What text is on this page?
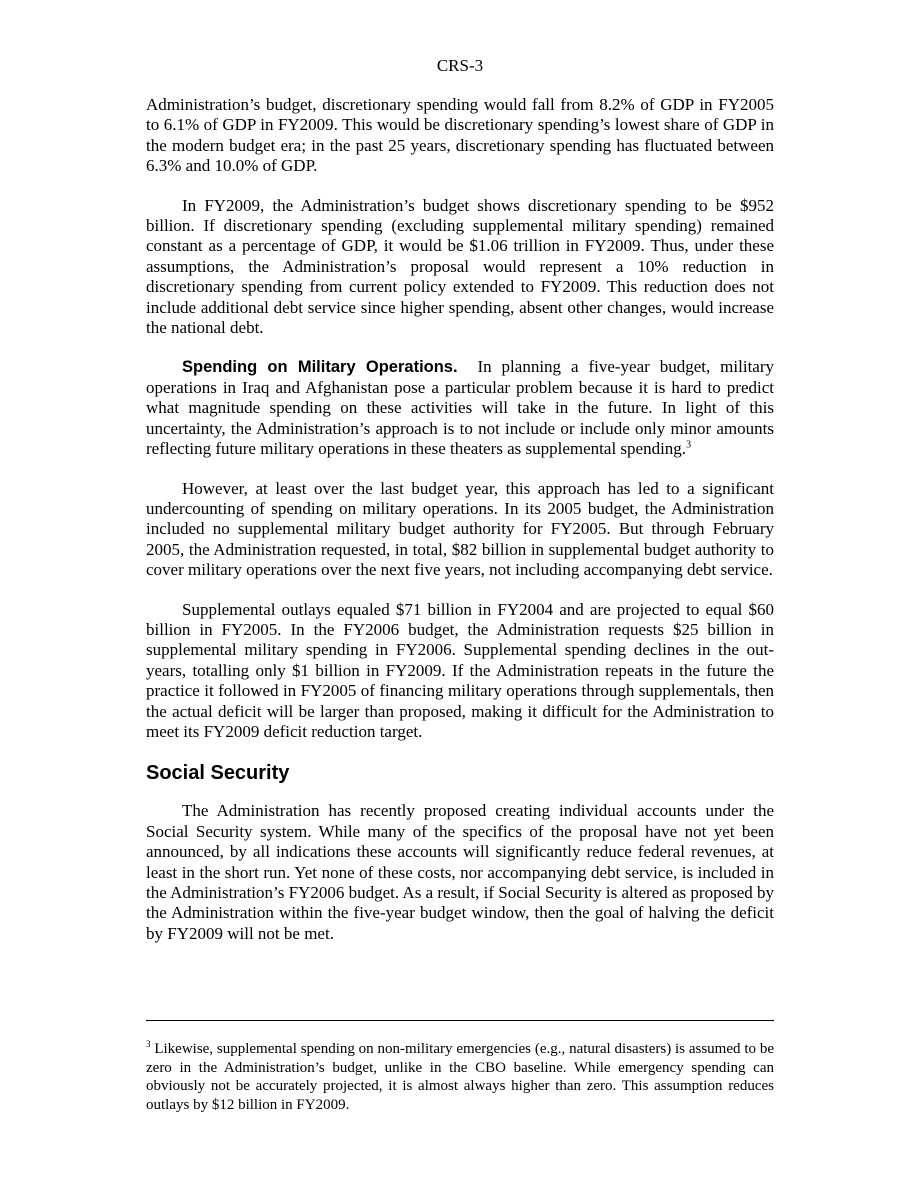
CRS-3

Administration’s budget, discretionary spending would fall from 8.2% of GDP in FY2005 to 6.1% of GDP in FY2009. This would be discretionary spending’s lowest share of GDP in the modern budget era; in the past 25 years, discretionary spending has fluctuated between 6.3% and 10.0% of GDP.

In FY2009, the Administration’s budget shows discretionary spending to be $952 billion. If discretionary spending (excluding supplemental military spending) remained constant as a percentage of GDP, it would be $1.06 trillion in FY2009. Thus, under these assumptions, the Administration’s proposal would represent a 10% reduction in discretionary spending from current policy extended to FY2009. This reduction does not include additional debt service since higher spending, absent other changes, would increase the national debt.

Spending on Military Operations. In planning a five-year budget, military operations in Iraq and Afghanistan pose a particular problem because it is hard to predict what magnitude spending on these activities will take in the future. In light of this uncertainty, the Administration’s approach is to not include or include only minor amounts reflecting future military operations in these theaters as supplemental spending.$^3$

However, at least over the last budget year, this approach has led to a significant undercounting of spending on military operations. In its 2005 budget, the Administration included no supplemental military budget authority for FY2005. But through February 2005, the Administration requested, in total, $82 billion in supplemental budget authority to cover military operations over the next five years, not including accompanying debt service.

Supplemental outlays equaled $71 billion in FY2004 and are projected to equal $60 billion in FY2005. In the FY2006 budget, the Administration requests $25 billion in supplemental military spending in FY2006. Supplemental spending declines in the out-years, totalling only $1 billion in FY2009. If the Administration repeats in the future the practice it followed in FY2005 of financing military operations through supplementals, then the actual deficit will be larger than proposed, making it difficult for the Administration to meet its FY2009 deficit reduction target.

Social Security

The Administration has recently proposed creating individual accounts under the Social Security system. While many of the specifics of the proposal have not yet been announced, by all indications these accounts will significantly reduce federal revenues, at least in the short run. Yet none of these costs, nor accompanying debt service, is included in the Administration’s FY2006 budget. As a result, if Social Security is altered as proposed by the Administration within the five-year budget window, then the goal of halving the deficit by FY2009 will not be met.

$^3$ Likewise, supplemental spending on non-military emergencies (e.g., natural disasters) is assumed to be zero in the Administration’s budget, unlike in the CBO baseline. While emergency spending can obviously not be accurately projected, it is almost always higher than zero. This assumption reduces outlays by $12 billion in FY2009.
